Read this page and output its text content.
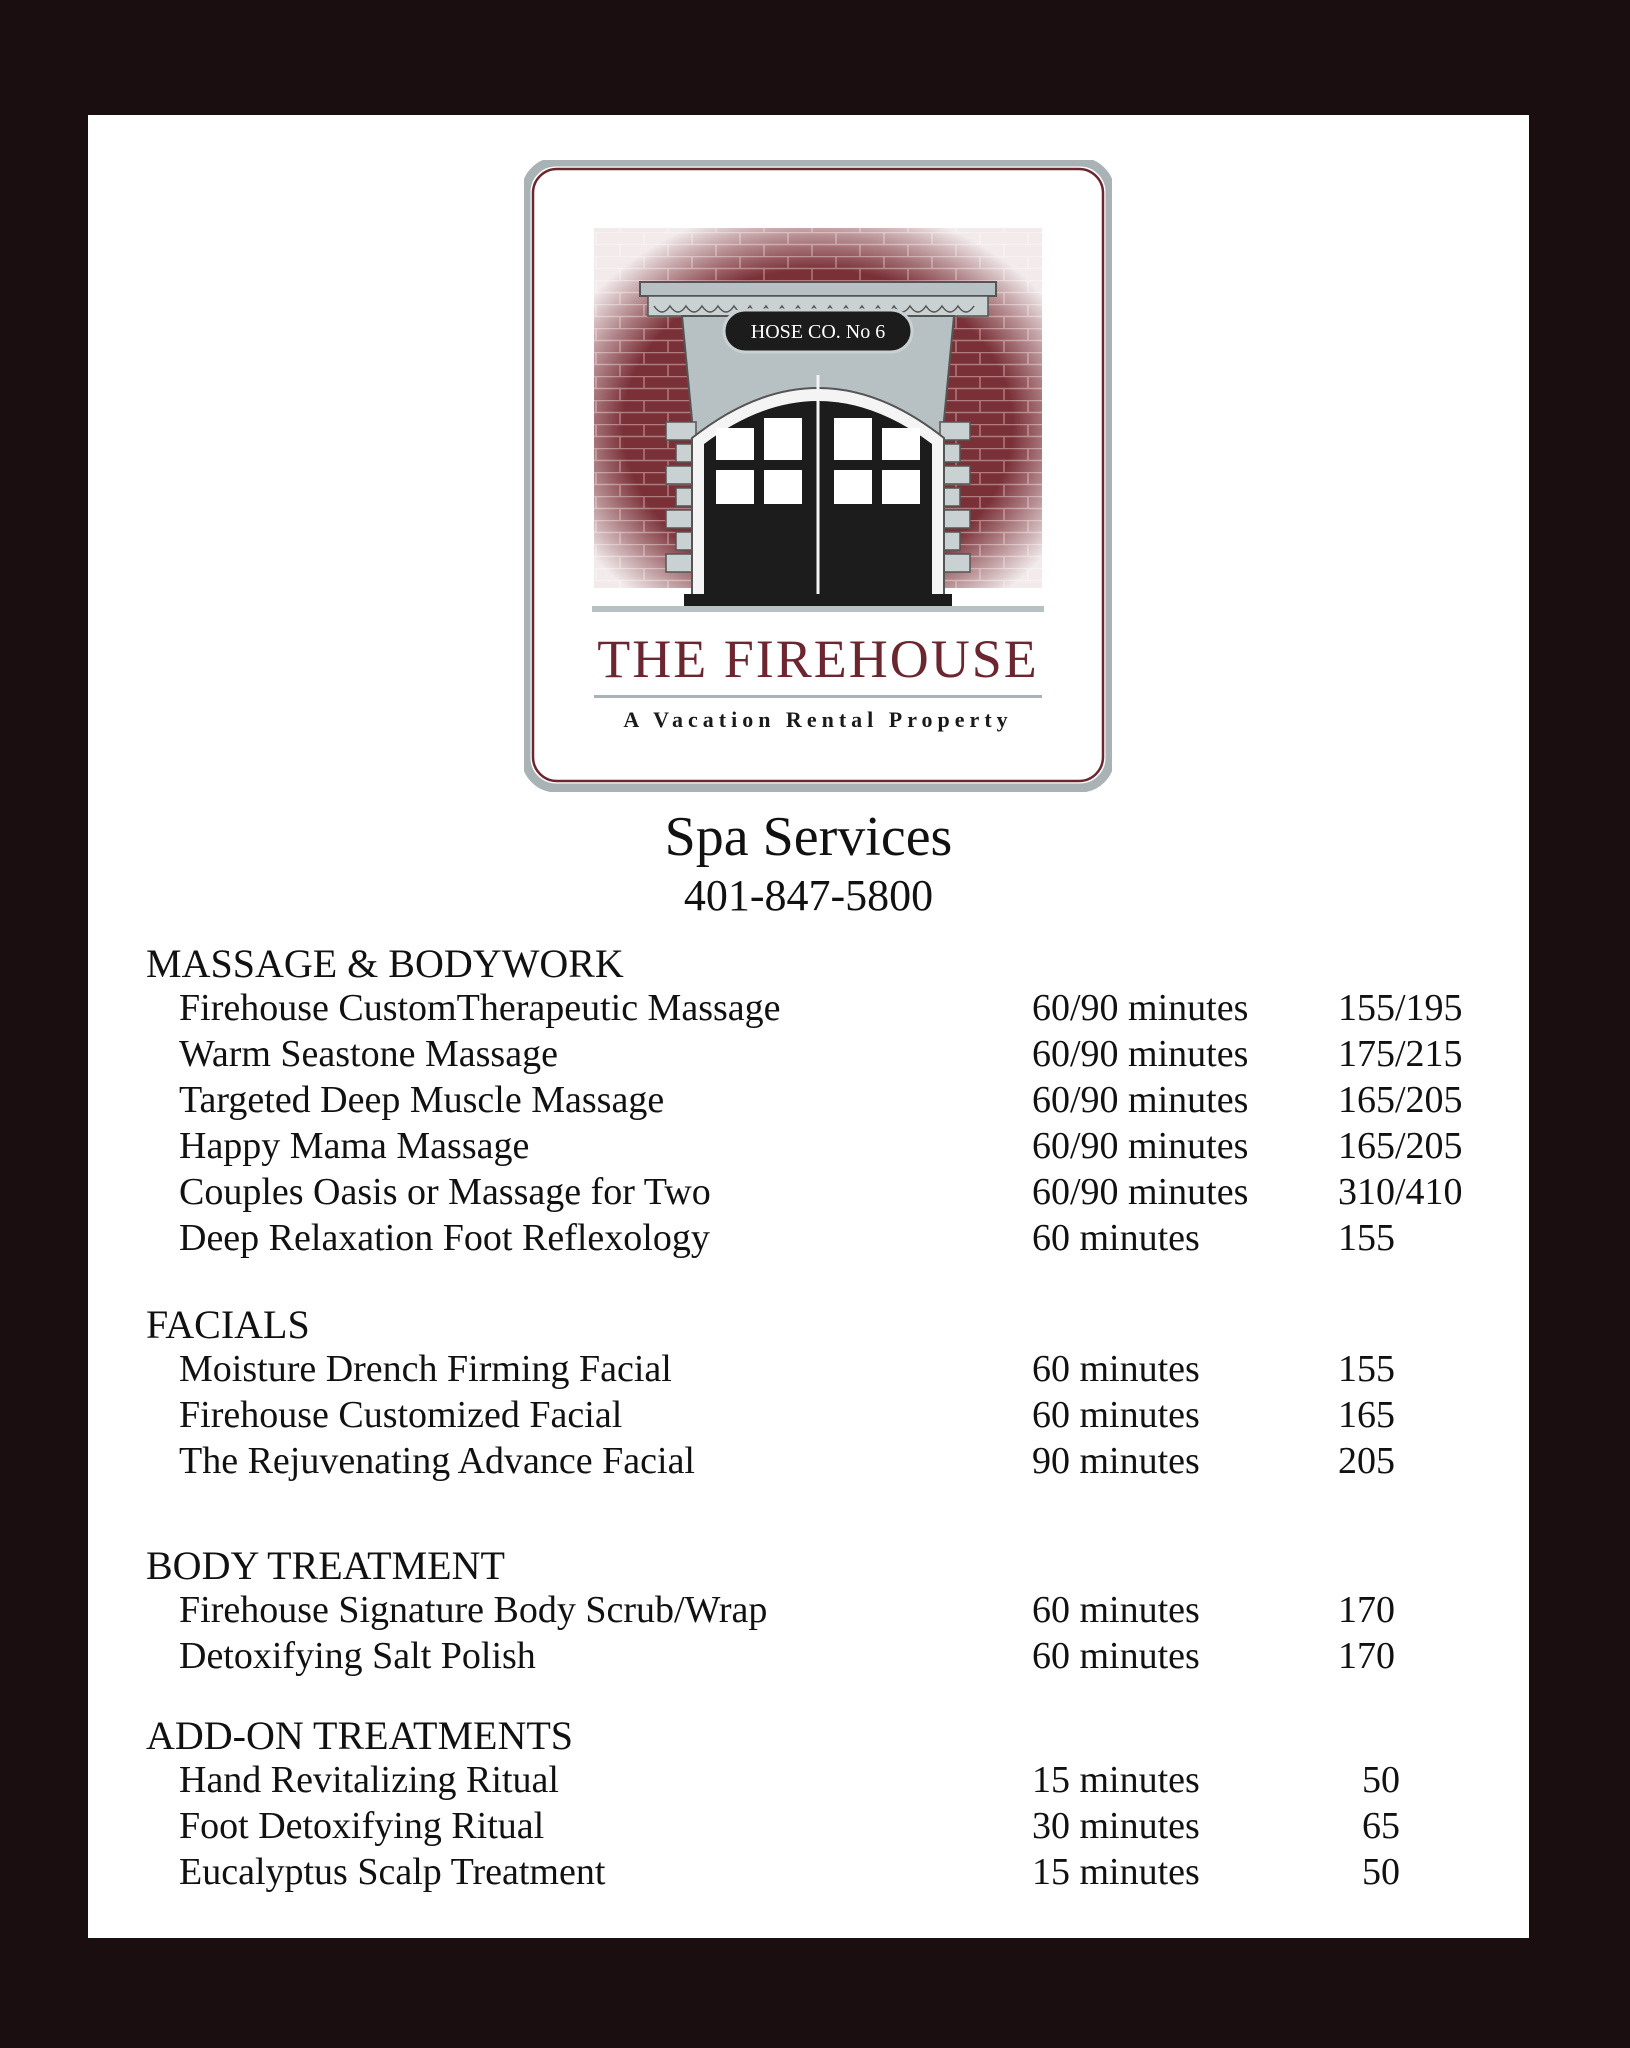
HOSE CO. No 6
THE FIREHOUSE
A Vacation Rental Property
Spa Services
401-847-5800
MASSAGE & BODYWORK
Firehouse CustomTherapeutic Massage	60/90 minutes 155/195
Warm Seastone Massage	60/90 minutes 175/215
Targeted Deep Muscle Massage	60/90 minutes 165/205
Happy Mama Massage	60/90 minutes 165/205
Couples Oasis or Massage for Two	60/90 minutes 310/410
Deep Relaxation Foot Reflexology	60 minutes	155
FACIALS
Moisture Drench Firming Facial	60 minutes	155
Firehouse Customized Facial	60 minutes	165
The Rejuvenating Advance Facial	90 minutes	205
BODY TREATMENT
Firehouse Signature Body Scrub/Wrap	60 minutes	170
Detoxifying Salt Polish	60 minutes	170
ADD-ON TREATMENTS
Hand Revitalizing Ritual	15 minutes	50
Foot Detoxifying Ritual	30 minutes	65
Eucalyptus Scalp Treatment	15 minutes	50
